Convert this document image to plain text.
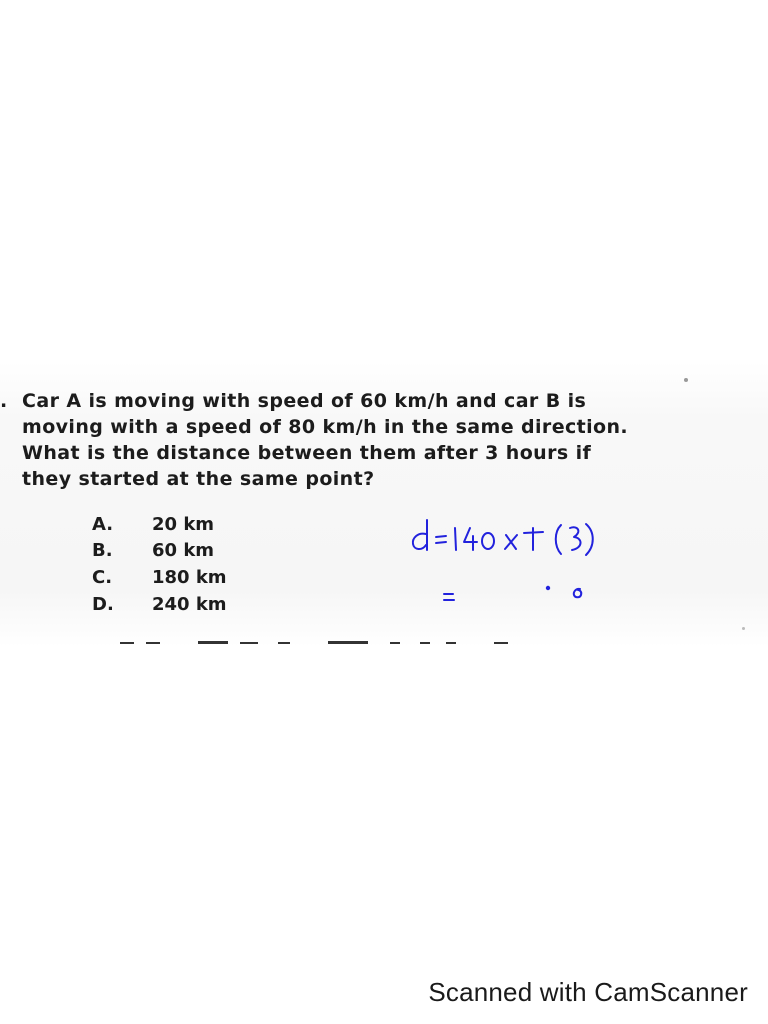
. Car A is moving with speed of 60 km/h and car B is
moving with a speed of 80 km/h in the same direction.
What is the distance between them after 3 hours if
they started at the same point?
A. 20 km
B. 60 km
C. 180 km
D. 240 km
Scanned with CamScanner
